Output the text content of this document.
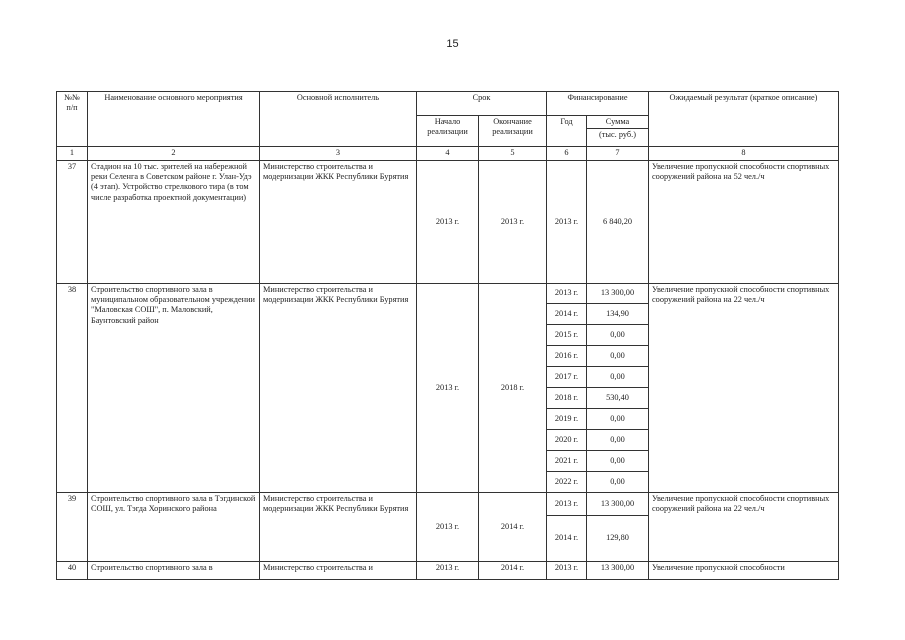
15
№№ п/п	Наименование основного мероприятия	Основной исполнитель	Срок		Финансирование		Ожидаемый результат (краткое описание)
			Начало реализации	Окончание реализации	Год	Сумма	
						(тыс. руб.)	
1	2	3	4	5	6	7	8
37	Стадион на 10 тыс. зрителей на набережной реки Селенга в Советском районе г. Улан-Удэ (4 этап). Устройство стрелкового тира (в том числе разработка проектной документации)	Министерство строительства и модернизации ЖКК Республики Бурятия	2013 г.	2013 г.	2013 г.	6 840,20	Увеличение пропускной способности спортивных сооружений района на 52 чел./ч
38	Строительство спортивного зала в муниципальном образовательном учреждении "Маловская СОШ", п. Маловский, Баунтовский район	Министерство строительства и модернизации ЖКК Республики Бурятия	2013 г.	2018 г.	2013 г.	13 300,00	Увеличение пропускной способности спортивных сооружений района на 22 чел./ч
					2014 г.	134,90	
					2015 г.	0,00	
					2016 г.	0,00	
					2017 г.	0,00	
					2018 г.	530,40	
					2019 г.	0,00	
					2020 г.	0,00	
					2021 г.	0,00	
					2022 г.	0,00	
39	Строительство спортивного зала в Тэгдинской СОШ, ул. Тэгда Хоринского района	Министерство строительства и модернизации ЖКК Республики Бурятия	2013 г.	2014 г.	2013 г.	13 300,00	Увеличение пропускной способности спортивных сооружений района на 22 чел./ч
					2014 г.	129,80	
40	Строительство спортивного зала в	Министерство строительства и	2013 г.	2014 г.	2013 г.	13 300,00	Увеличение пропускной способности
